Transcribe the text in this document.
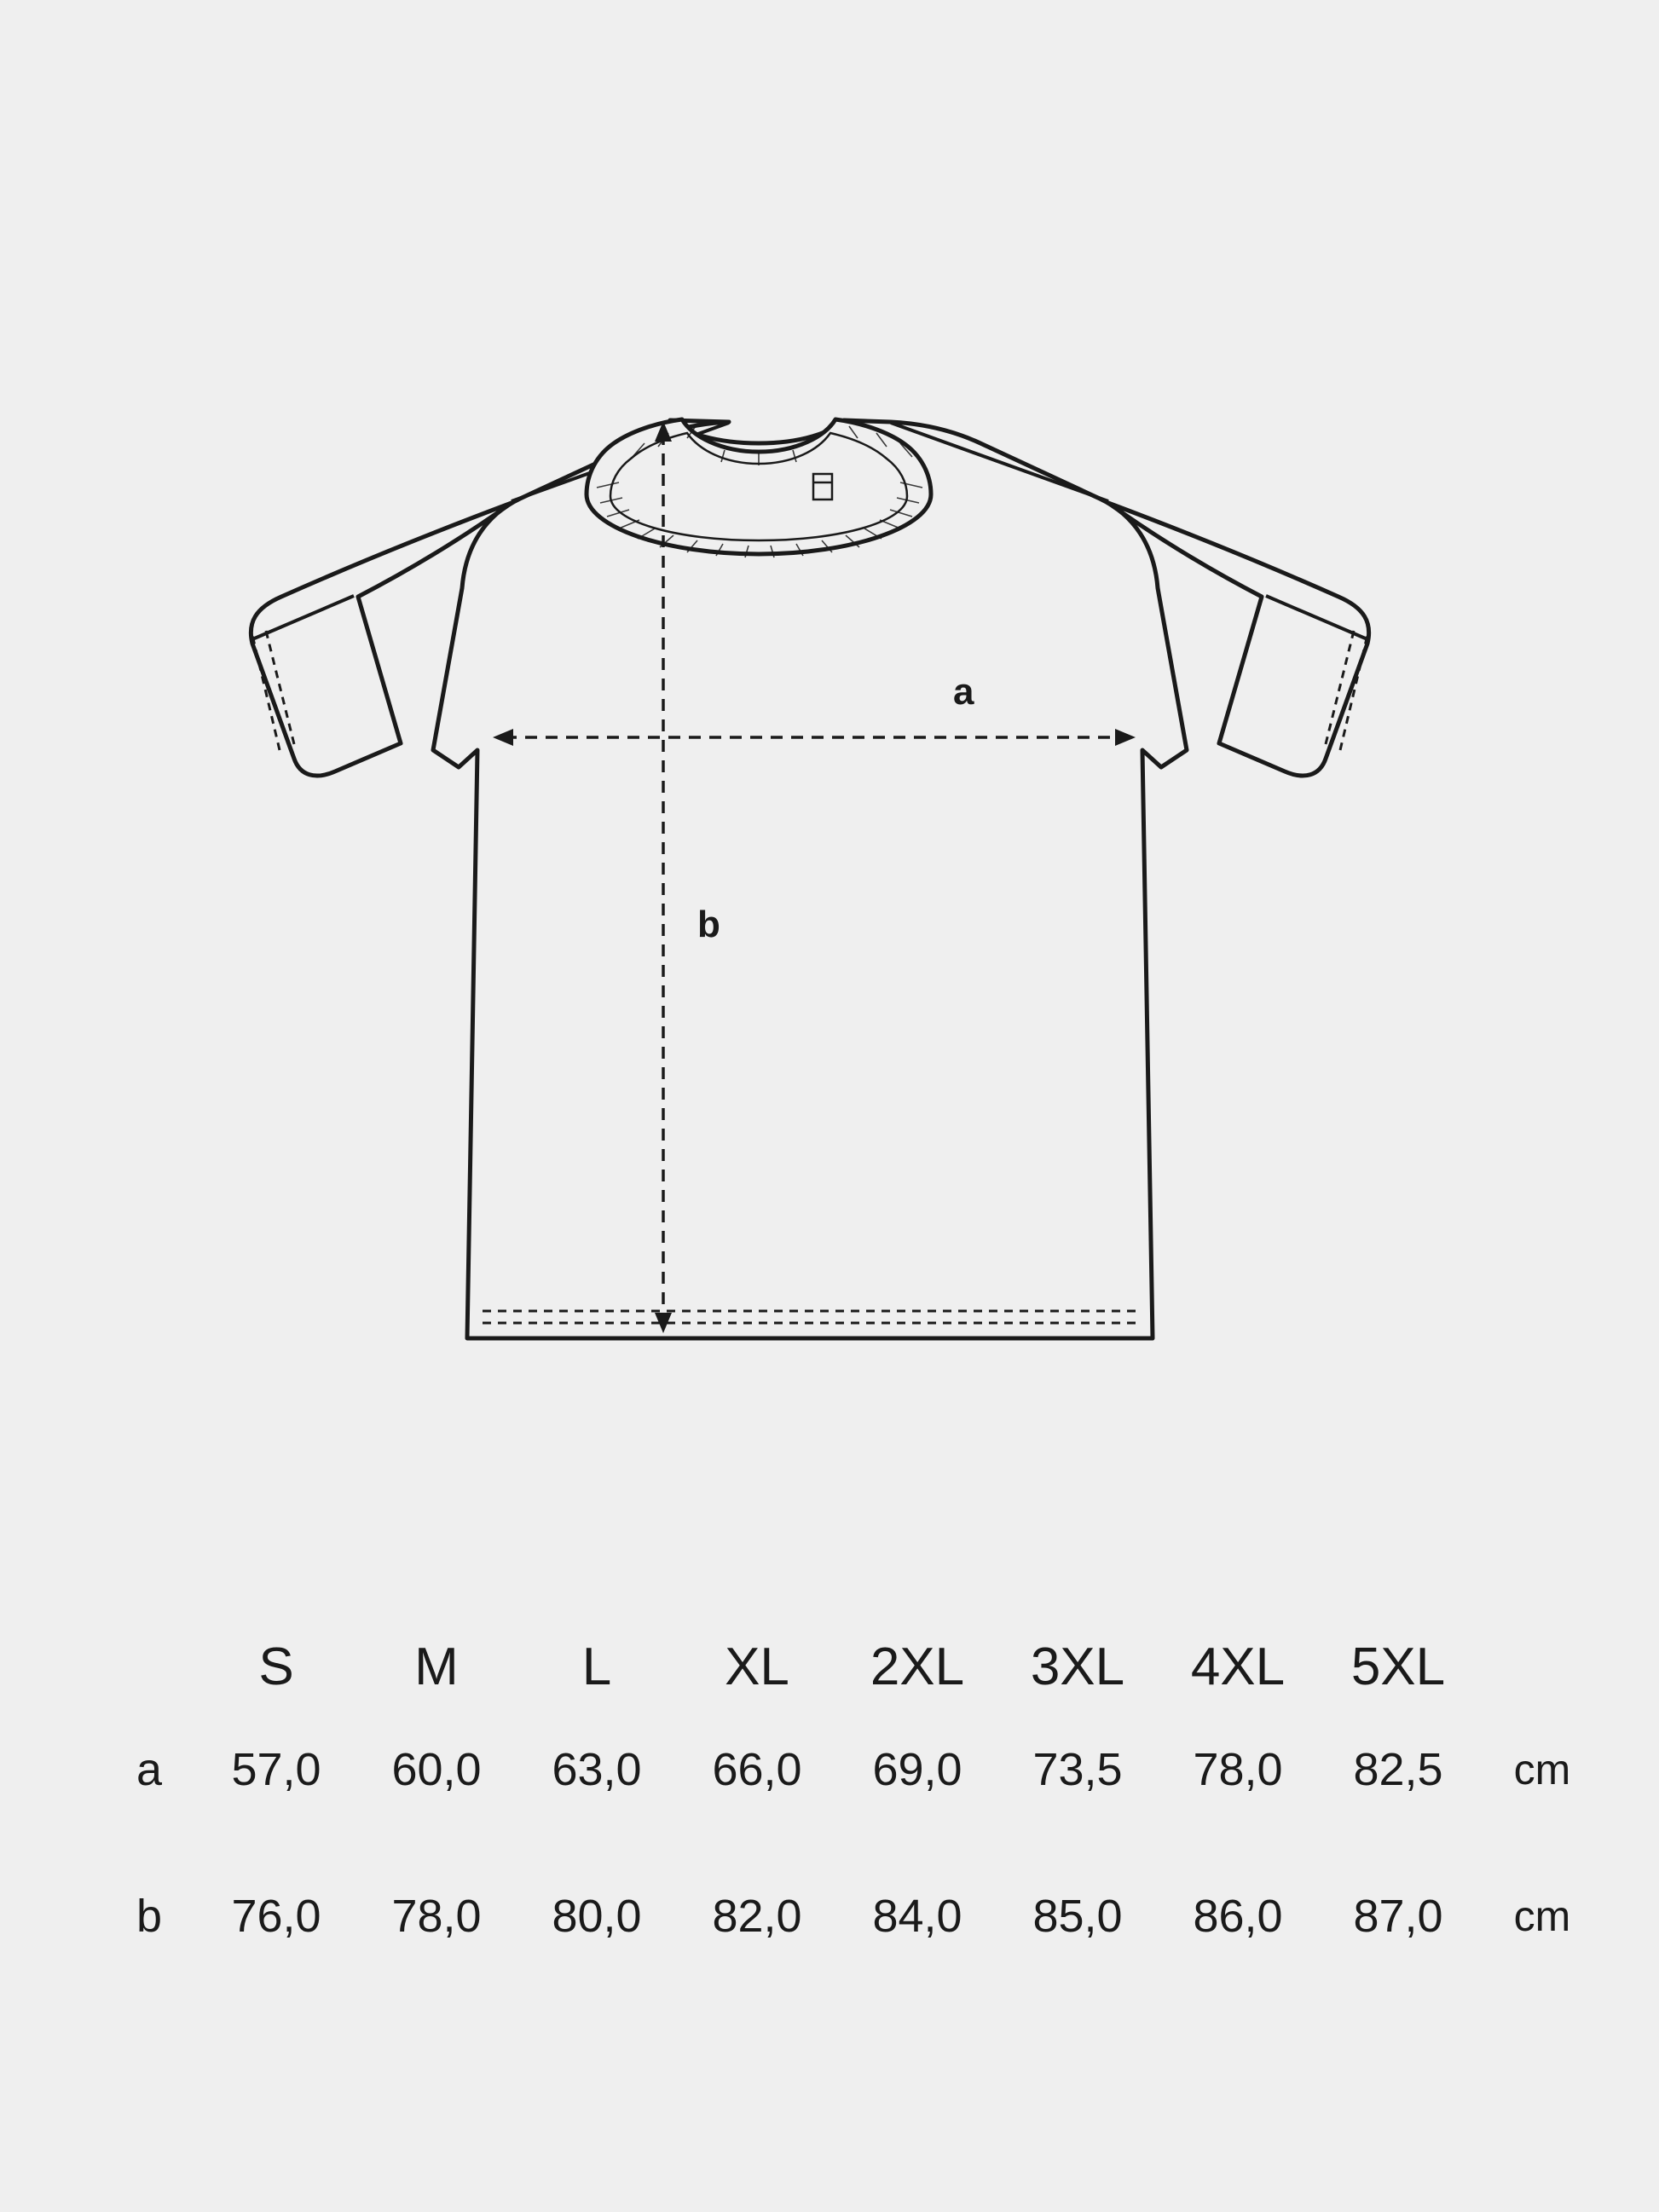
a
b
	S	M	L	XL	2XL	3XL	4XL	5XL	
a	57,0	60,0	63,0	66,0	69,0	73,5	78,0	82,5	cm

b	76,0	78,0	80,0	82,0	84,0	85,0	86,0	87,0	cm
